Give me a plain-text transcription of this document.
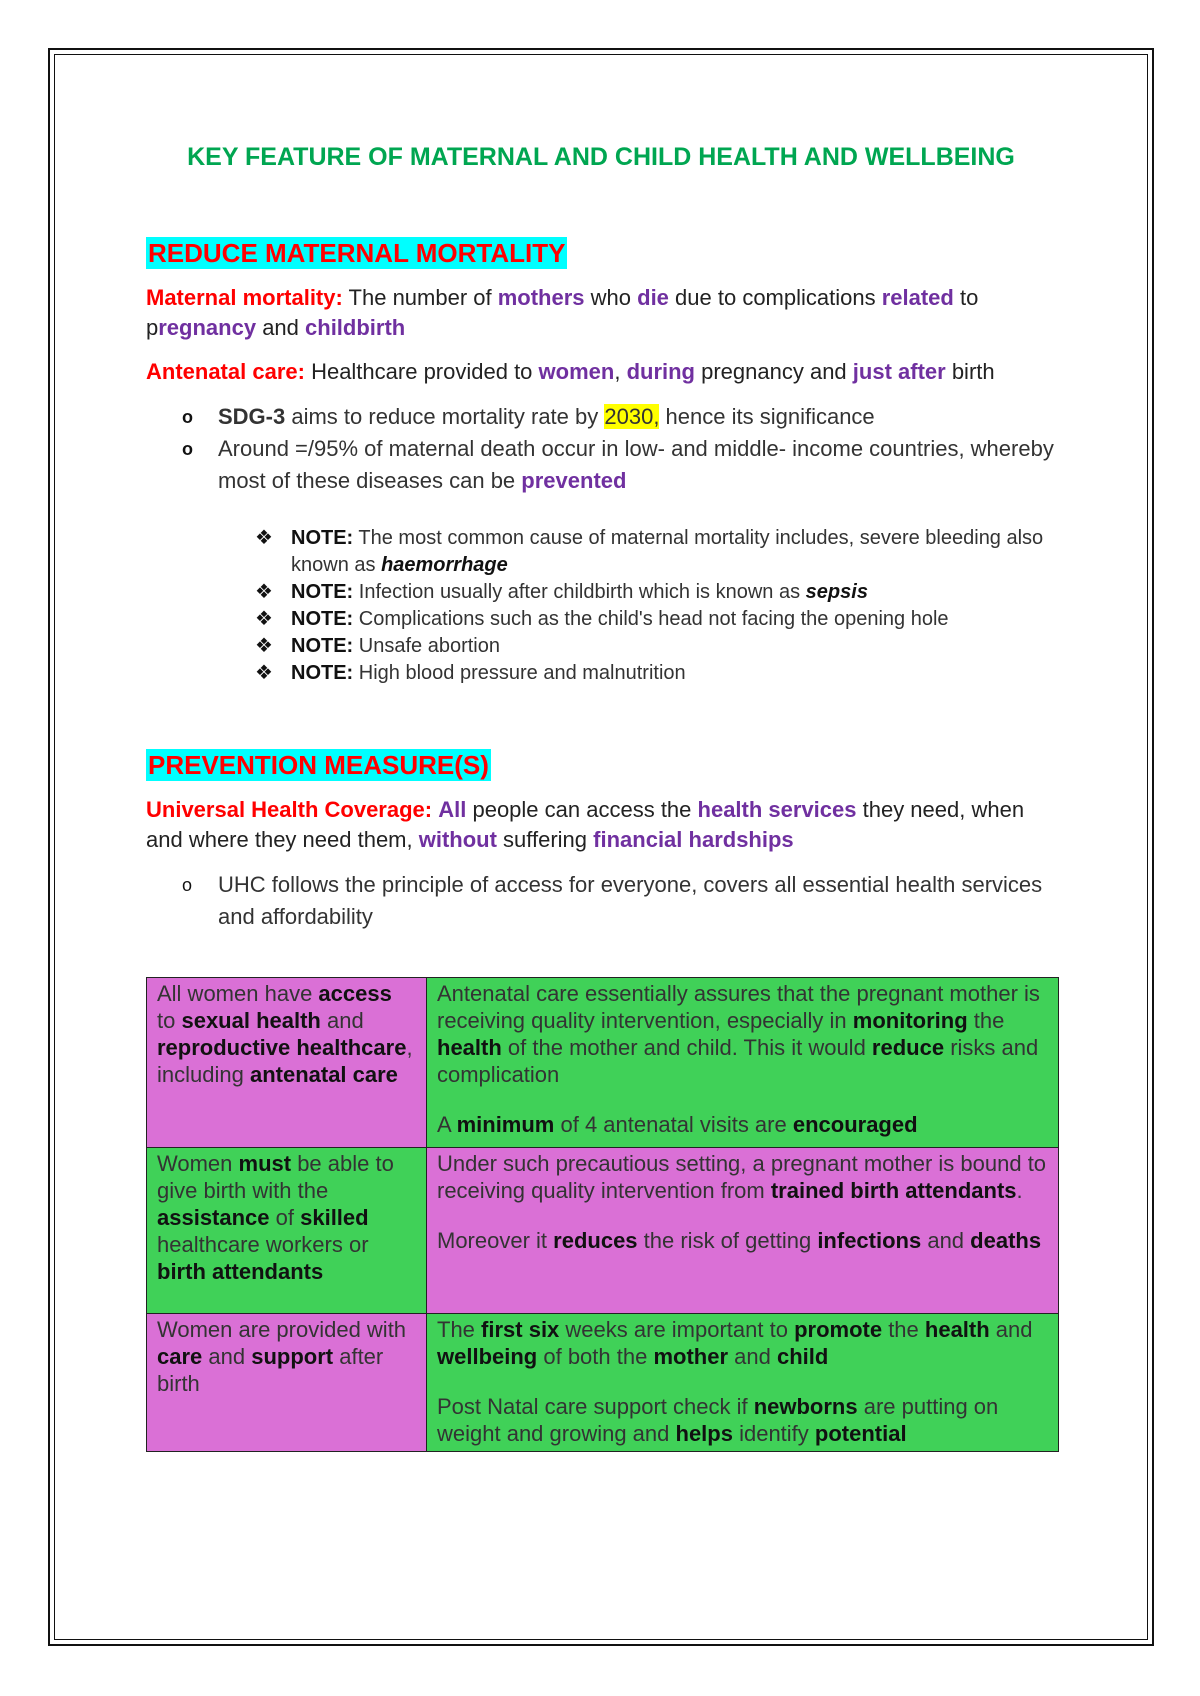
KEY FEATURE OF MATERNAL AND CHILD HEALTH AND WELLBEING
REDUCE MATERNAL MORTALITY

Maternal mortality: The number of mothers who die due to complications related to pregnancy and childbirth

Antenatal care: Healthcare provided to women, during pregnancy and just after birth

o SDG-3 aims to reduce mortality rate by 2030, hence its significance
o Around =/95% of maternal death occur in low- and middle- income countries, whereby most of these diseases can be prevented
❖ NOTE: The most common cause of maternal mortality includes, severe bleeding also known as haemorrhage
❖ NOTE: Infection usually after childbirth which is known as sepsis
❖ NOTE: Complications such as the child's head not facing the opening hole
❖ NOTE: Unsafe abortion
❖ NOTE: High blood pressure and malnutrition
PREVENTION MEASURE(S)

Universal Health Coverage: All people can access the health services they need, when and where they need them, without suffering financial hardships

o UHC follows the principle of access for everyone, covers all essential health services and affordability
All women have access to sexual health and reproductive healthcare, including antenatal care	Antenatal care essentially assures that the pregnant mother is receiving quality intervention, especially in monitoring the health of the mother and child. This it would reduce risks and complication
A minimum of 4 antenatal visits are encouraged

Women must be able to give birth with the assistance of skilled healthcare workers or birth attendants	Under such precautious setting, a pregnant mother is bound to receiving quality intervention from trained birth attendants.
Moreover it reduces the risk of getting infections and deaths

Women are provided with care and support after birth	The first six weeks are important to promote the health and wellbeing of both the mother and child
Post Natal care support check if newborns are putting on weight and growing and helps identify potential
